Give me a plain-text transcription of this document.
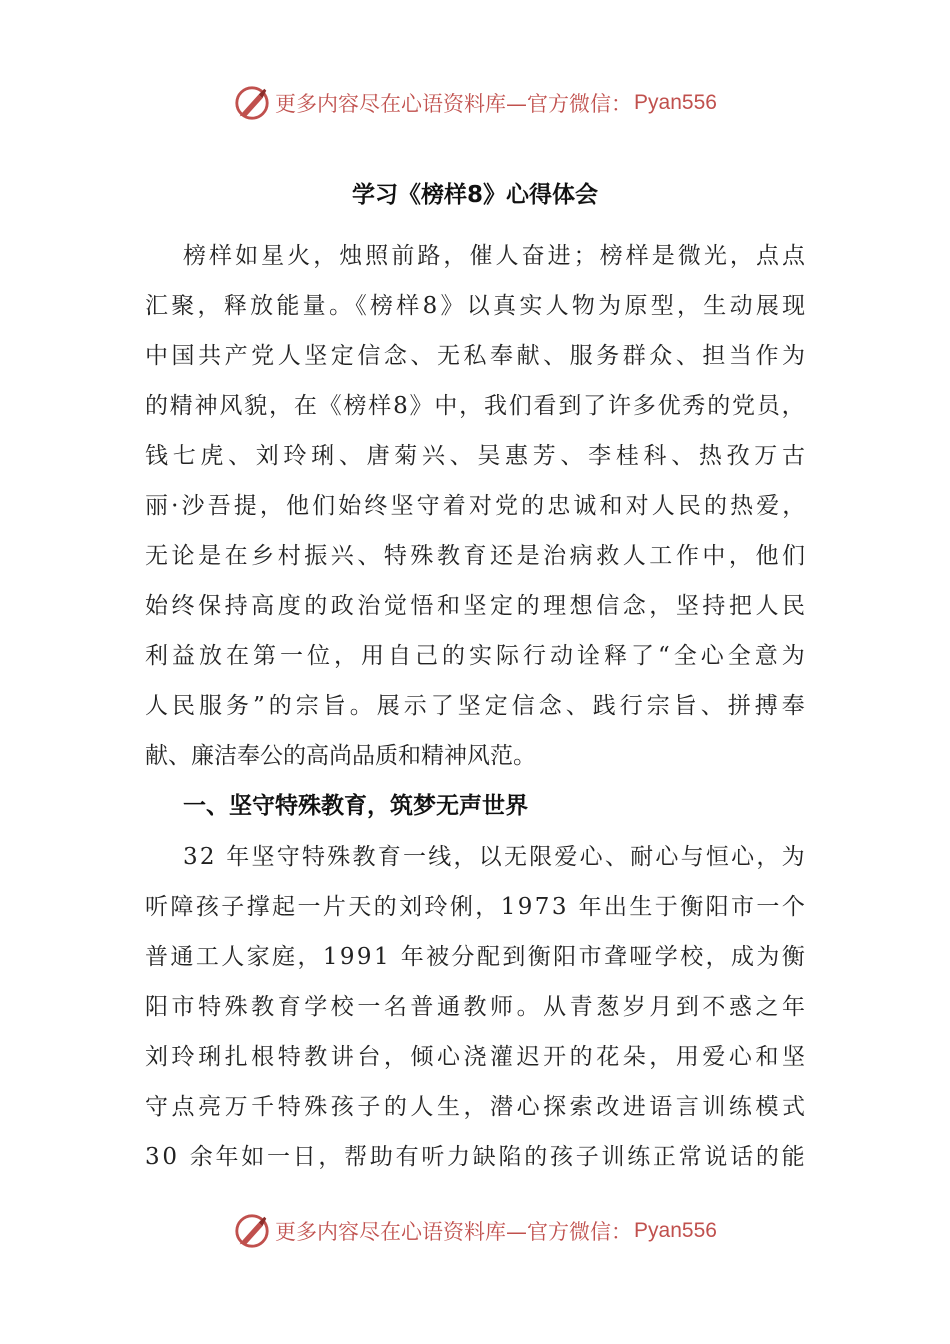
更多内容尽在心语资料库 —官方微信： Pyan556
学习《榜样8》心得体会
榜样如星火，烛照前路，催人奋进；榜样是微光，点点
汇聚，释放能量。《榜样8》以真实人物为原型，生动展现
中国共产党人坚定信念、无私奉献、服务群众、担当作为
的精神风貌，在《榜样8》中，我们看到了许多优秀的党员，
钱七虎、刘玲琍、唐菊兴、吴惠芳、李桂科、热孜万古
丽·沙吾提，他们始终坚守着对党的忠诚和对人民的热爱，
无论是在乡村振兴、特殊教育还是治病救人工作中，他们
始终保持高度的政治觉悟和坚定的理想信念，坚持把人民
利益放在第一位，用自己的实际行动诠释了“全心全意为
人民服务”的宗旨。展示了坚定信念、践行宗旨、拼搏奉
献、廉洁奉公的高尚品质和精神风范。
一、坚守特殊教育，筑梦无声世界
32 年坚守特殊教育一线，以无限爱心、耐心与恒心，为
听障孩子撑起一片天的刘玲俐，1973 年出生于衡阳市一个
普通工人家庭，1991 年被分配到衡阳市聋哑学校，成为衡
阳市特殊教育学校一名普通教师。从青葱岁月到不惑之年
刘玲琍扎根特教讲台，倾心浇灌迟开的花朵，用爱心和坚
守点亮万千特殊孩子的人生，潜心探索改进语言训练模式
30 余年如一日，帮助有听力缺陷的孩子训练正常说话的能
更多内容尽在心语资料库 —官方微信： Pyan556
